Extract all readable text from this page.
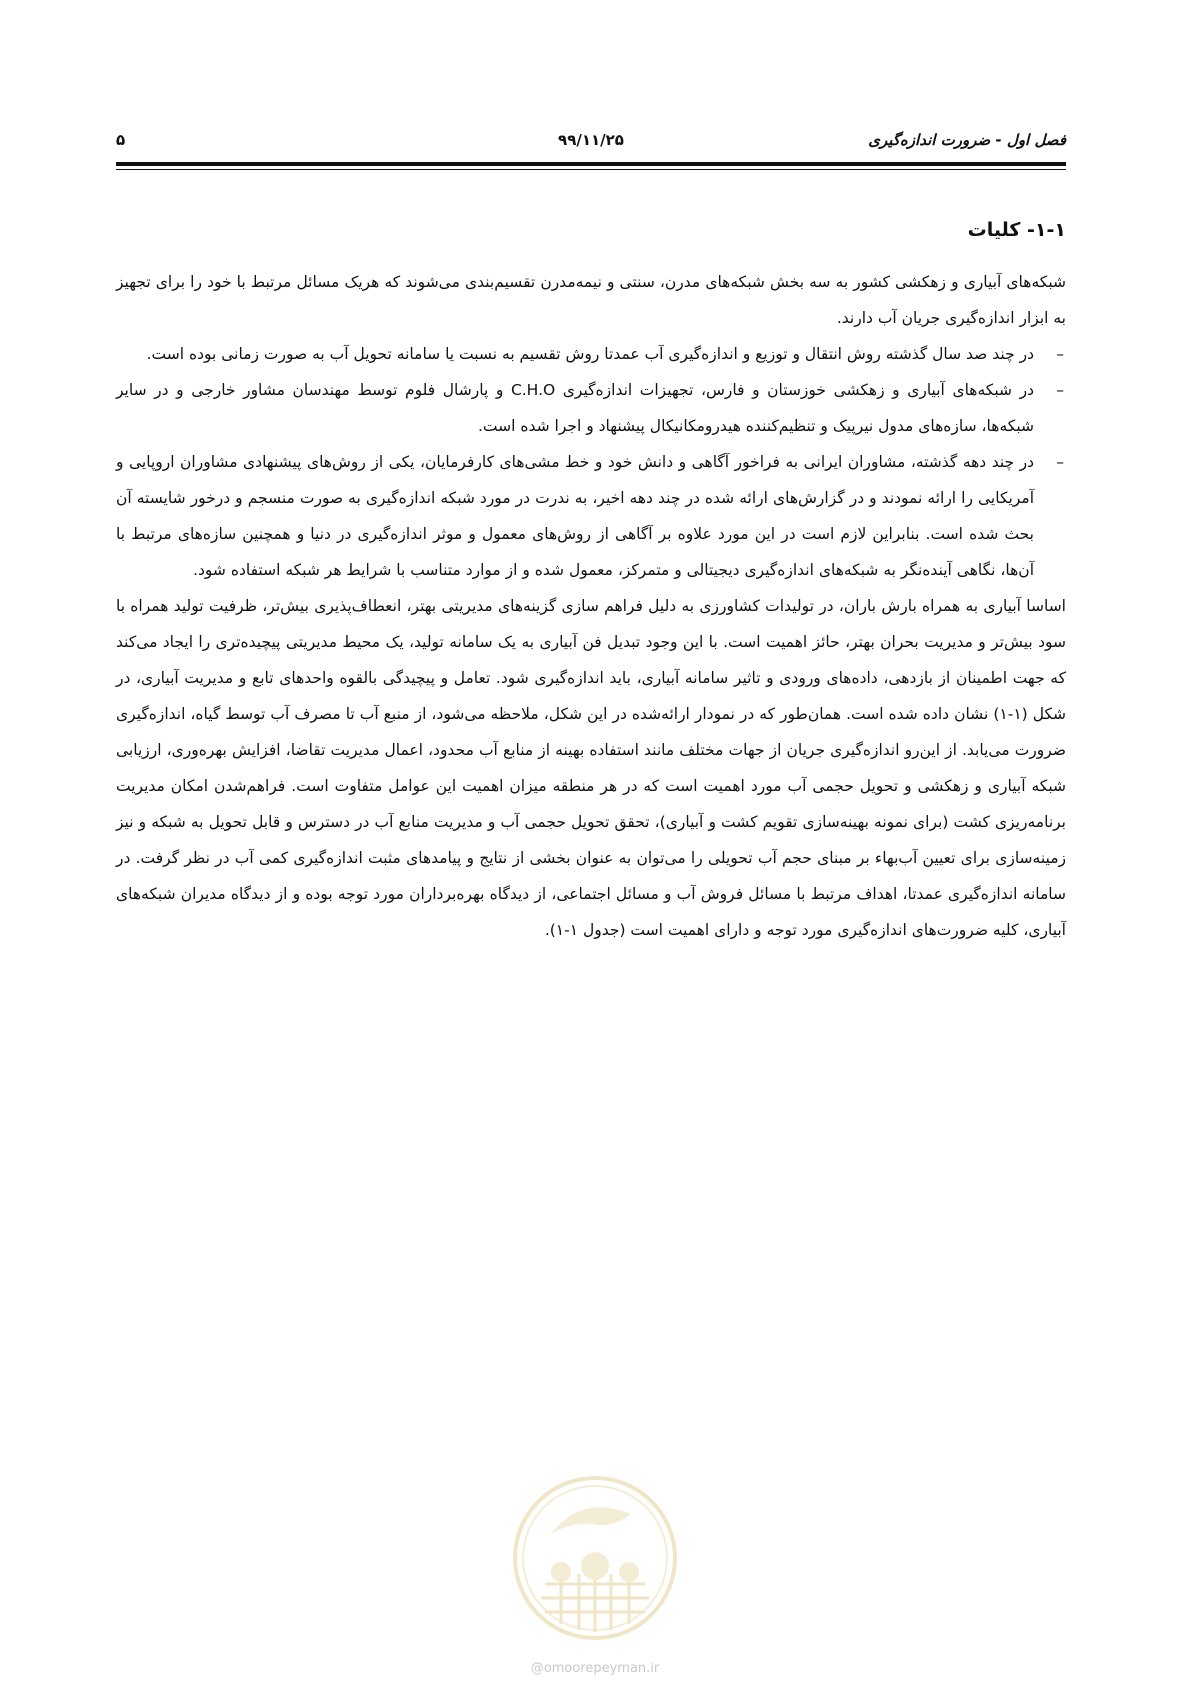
فصل اول - ضرورت اندازه‌گیری
۹۹/۱۱/۲۵
۵
۱-۱- کلیات

شبکه‌های آبیاری و زهکشی کشور به سه بخش شبکه‌های مدرن، سنتی و نیمه‌مدرن تقسیم‌بندی می‌شوند که هریک مسائل مرتبط با خود را برای تجهیز به ابزار اندازه‌گیری جریان آب دارند.

–
در چند صد سال گذشته روش انتقال و توزیع و اندازه‌گیری آب عمدتا روش تقسیم به نسبت یا سامانه تحویل آب به صورت زمانی بوده است.
–
در شبکه‌های آبیاری و زهکشی خوزستان و فارس، تجهیزات اندازه‌گیری C.H.O و پارشال فلوم توسط مهندسان مشاور خارجی و در سایر شبکه‌ها، سازه‌های مدول نیرپیک و تنظیم‌کننده هیدرومکانیکال پیشنهاد و اجرا شده است.
–
در چند دهه گذشته، مشاوران ایرانی به فراخور آگاهی و دانش خود و خط مشی‌های کارفرمایان، یکی از روش‌های پیشنهادی مشاوران اروپایی و آمریکایی را ارائه نمودند و در گزارش‌های ارائه شده در چند دهه اخیر، به ندرت در مورد شبکه اندازه‌گیری به صورت منسجم و درخور شایسته آن بحث شده است. بنابراین لازم است در این مورد علاوه بر آگاهی از روش‌های معمول و موثر اندازه‌گیری در دنیا و همچنین سازه‌های مرتبط با آن‌ها، نگاهی آینده‌نگر به شبکه‌های اندازه‌گیری دیجیتالی و متمرکز، معمول شده و از موارد متناسب با شرایط هر شبکه استفاده شود.

اساسا آبیاری به همراه بارش باران، در تولیدات کشاورزی به دلیل فراهم سازی گزینه‌های مدیریتی بهتر، انعطاف‌پذیری بیش‌تر، ظرفیت تولید همراه با سود بیش‌تر و مدیریت بحران بهتر، حائز اهمیت است. با این وجود تبدیل فن آبیاری به یک سامانه تولید، یک محیط مدیریتی پیچیده‌تری را ایجاد می‌کند که جهت اطمینان از بازدهی، داده‌های ورودی و تاثیر سامانه آبیاری، باید اندازه‌گیری شود. تعامل و پیچیدگی بالقوه واحدهای تابع و مدیریت آبیاری، در شکل (۱-۱) نشان داده شده است. همان‌طور که در نمودار ارائه‌شده در این شکل، ملاحظه می‌شود، از منبع آب تا مصرف آب توسط گیاه، اندازه‌گیری ضرورت می‌یابد. از این‌رو اندازه‌گیری جریان از جهات مختلف مانند استفاده بهینه از منابع آب محدود، اعمال مدیریت تقاضا، افزایش بهره‌وری، ارزیابی شبکه آبیاری و زهکشی و تحویل حجمی آب مورد اهمیت است که در هر منطقه میزان اهمیت این عوامل متفاوت است. فراهم‌شدن امکان مدیریت برنامه‌ریزی کشت (برای نمونه بهینه‌سازی تقویم کشت و آبیاری)، تحقق تحویل حجمی آب و مدیریت منابع آب در دسترس و قابل تحویل به شبکه و نیز زمینه‌سازی برای تعیین آب‌بهاء بر مبنای حجم آب تحویلی را می‌توان به عنوان بخشی از نتایج و پیامدهای مثبت اندازه‌گیری کمی آب در نظر گرفت. در سامانه اندازه‌گیری عمدتا، اهداف مرتبط با مسائل فروش آب و مسائل اجتماعی، از دیدگاه بهره‌برداران مورد توجه بوده و از دیدگاه مدیران شبکه‌های آبیاری، کلیه ضرورت‌های اندازه‌گیری مورد توجه و دارای اهمیت است (جدول ۱-۱).

@omoorepeyman.ir
